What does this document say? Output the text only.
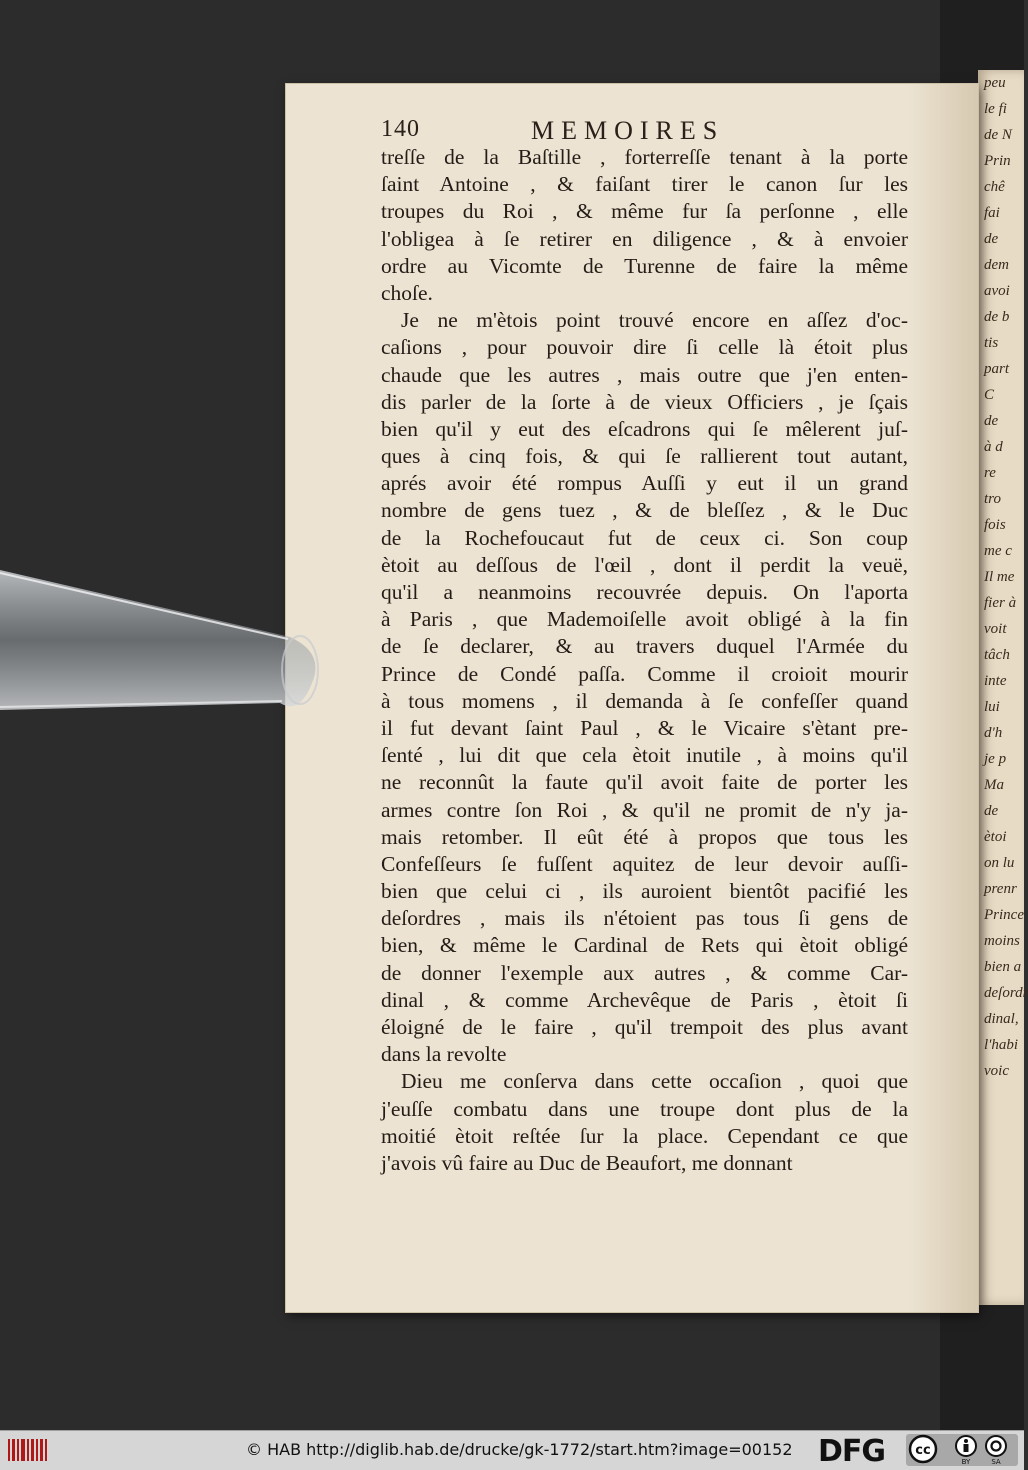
peu
le fi
de N
Prin
chê
fai
de
dem
avoi
de b
tis
part
C
de
à d
re
tro
fois
me c
Il me
fier à
voit
tâch
inte
lui
d'h
je p
Ma
de
ètoi
on lu
prenr
Prince
moins
bien a
deſordr
dinal,
l'habi
voic
140	MEMOIRES
treſſe de la Baſtille , forterreſſe tenant à la porte
ſaint Antoine , & faiſant tirer le canon ſur les
troupes du Roi , & même fur ſa perſonne , elle
l'obligea à ſe retirer en diligence , & à envoier
ordre au Vicomte de Turenne de faire la même
choſe.
Je ne m'ètois point trouvé encore en aſſez d'oc-
caſions , pour pouvoir dire ſi celle là étoit plus
chaude que les autres , mais outre que j'en enten-
dis parler de la ſorte à de vieux Officiers , je ſçais
bien qu'il y eut des eſcadrons qui ſe mêlerent juſ-
ques à cinq fois, & qui ſe rallierent tout autant,
aprés avoir été rompus Auſſi y eut il un grand
nombre de gens tuez , & de bleſſez , & le Duc
de la Rochefoucaut fut de ceux ci. Son coup
ètoit au deſſous de l'œil , dont il perdit la veuë,
qu'il a neanmoins recouvrée depuis. On l'aporta
à Paris , que Mademoiſelle avoit obligé à la fin
de ſe declarer, & au travers duquel l'Armée du
Prince de Condé paſſa. Comme il croioit mourir
à tous momens , il demanda à ſe confeſſer quand
il fut devant ſaint Paul , & le Vicaire s'ètant pre-
ſenté , lui dit que cela ètoit inutile , à moins qu'il
ne reconnût la faute qu'il avoit faite de porter les
armes contre ſon Roi , & qu'il ne promit de n'y ja-
mais retomber. Il eût été à propos que tous les
Confeſſeurs ſe fuſſent aquitez de leur devoir auſſi-
bien que celui ci , ils auroient bientôt pacifié les
deſordres , mais ils n'étoient pas tous ſi gens de
bien, & même le Cardinal de Rets qui ètoit obligé
de donner l'exemple aux autres , & comme Car-
dinal , & comme Archevêque de Paris , ètoit ſi
éloigné de le faire , qu'il trempoit des plus avant
dans la revolte
Dieu me conſerva dans cette occaſion , quoi que
j'euſſe combatu dans une troupe dont plus de la
moitié ètoit reſtée ſur la place. Cependant ce que
j'avois vû faire au Duc de Beaufort, me donnant
© HAB http://diglib.hab.de/drucke/gk-1772/start.htm?image=00152 DFG cc
BY	SA
